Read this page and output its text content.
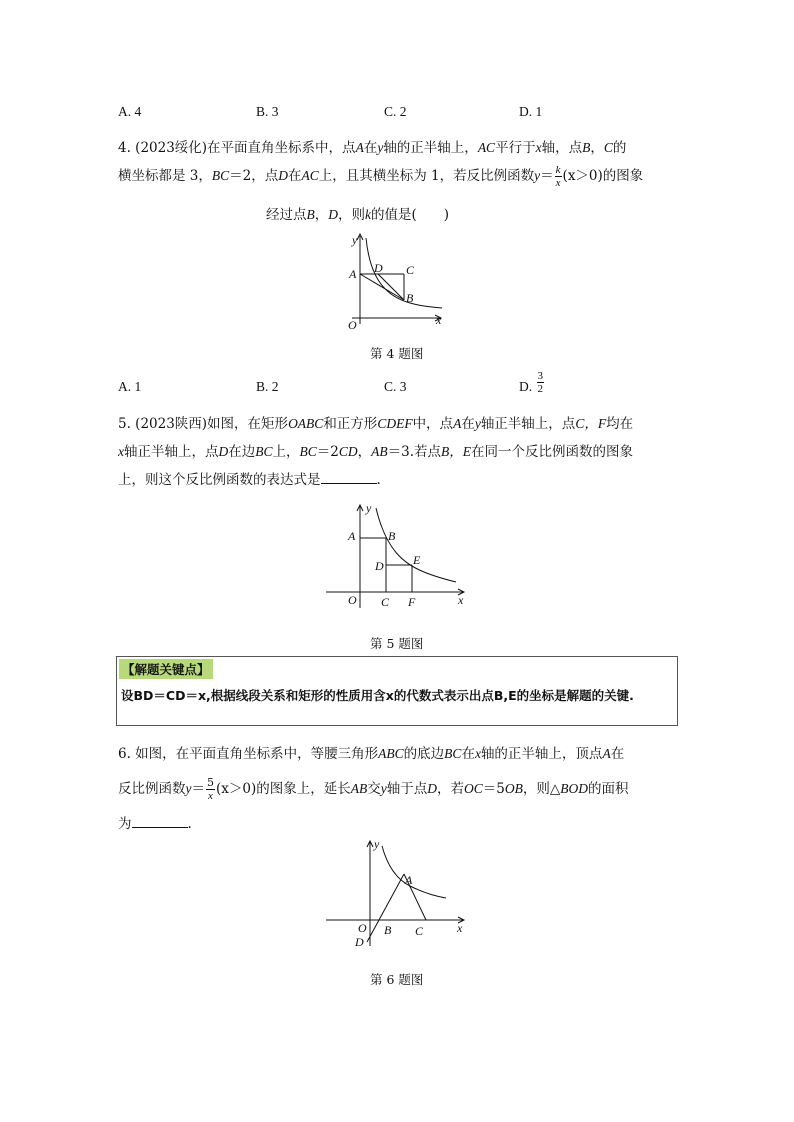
A. 4	B. 3	C. 2	D. 1
4. (2023绥化)在平面直角坐标系中，点A在y轴的正半轴上，AC平行于x轴，点B，C的
横坐标都是 3，BC＝2，点D在AC上，且其横坐标为 1，若反比例函数$y= \frac{k}{x} (x>0)$的图象
经过点B，D，则k的值是(　　)
y
x
O
A D C
B
第 4 题图
A. 1	B. 2	C. 3	D. $\frac{3}{2}$
5. (2023陕西)如图，在矩形OABC和正方形CDEF中，点A在y轴正半轴上，点C，F均在
x轴正半轴上，点D在边BC上，BC＝2CD，AB＝3.若点B，E在同一个反比例函数的图象
上，则这个反比例函数的表达式是	.
y
x
O
A	B
D E
C F
第 5 题图
【解题关键点】
设BD＝CD＝x,根据线段关系和矩形的性质用含x的代数式表示出点B,E的坐标是解题的关键.
6. 如图，在平面直角坐标系中，等腰三角形ABC的底边BC在x轴的正半轴上，顶点A在
反比例函数$y= \frac{5}{x} (x>0)$的图象上，延长AB交y轴于点D，若OC＝5OB，则△BOD的面积
为	.
y
x
O
D
B C
A
第 6 题图
